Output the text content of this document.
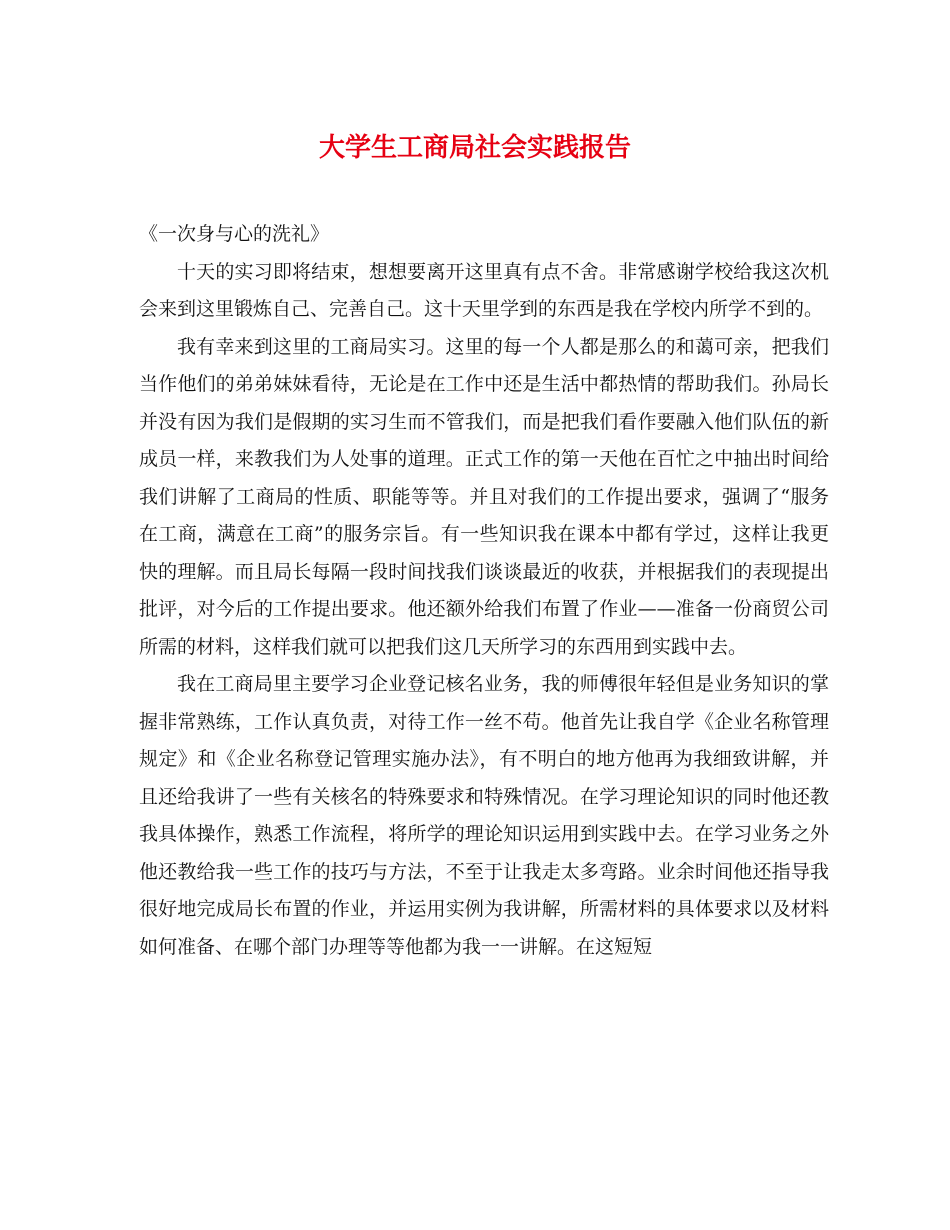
大学生工商局社会实践报告

《一次身与心的洗礼》

十天的实习即将结束，想想要离开这里真有点不舍。非常感谢学校给我这次机会来到这里锻炼自己、完善自己。这十天里学到的东西是我在学校内所学不到的。

我有幸来到这里的工商局实习。这里的每一个人都是那么的和蔼可亲，把我们当作他们的弟弟妹妹看待，无论是在工作中还是生活中都热情的帮助我们。孙局长并没有因为我们是假期的实习生而不管我们，而是把我们看作要融入他们队伍的新成员一样，来教我们为人处事的道理。正式工作的第一天他在百忙之中抽出时间给我们讲解了工商局的性质、职能等等。并且对我们的工作提出要求，强调了“服务在工商，满意在工商”的服务宗旨。有一些知识我在课本中都有学过，这样让我更快的理解。而且局长每隔一段时间找我们谈谈最近的收获，并根据我们的表现提出批评，对今后的工作提出要求。他还额外给我们布置了作业——准备一份商贸公司所需的材料，这样我们就可以把我们这几天所学习的东西用到实践中去。

我在工商局里主要学习企业登记核名业务，我的师傅很年轻但是业务知识的掌握非常熟练，工作认真负责，对待工作一丝不苟。他首先让我自学《企业名称管理规定》和《企业名称登记管理实施办法》，有不明白的地方他再为我细致讲解，并且还给我讲了一些有关核名的特殊要求和特殊情况。在学习理论知识的同时他还教我具体操作，熟悉工作流程，将所学的理论知识运用到实践中去。在学习业务之外他还教给我一些工作的技巧与方法，不至于让我走太多弯路。业余时间他还指导我很好地完成局长布置的作业，并运用实例为我讲解，所需材料的具体要求以及材料如何准备、在哪个部门办理等等他都为我一一讲解。在这短短
